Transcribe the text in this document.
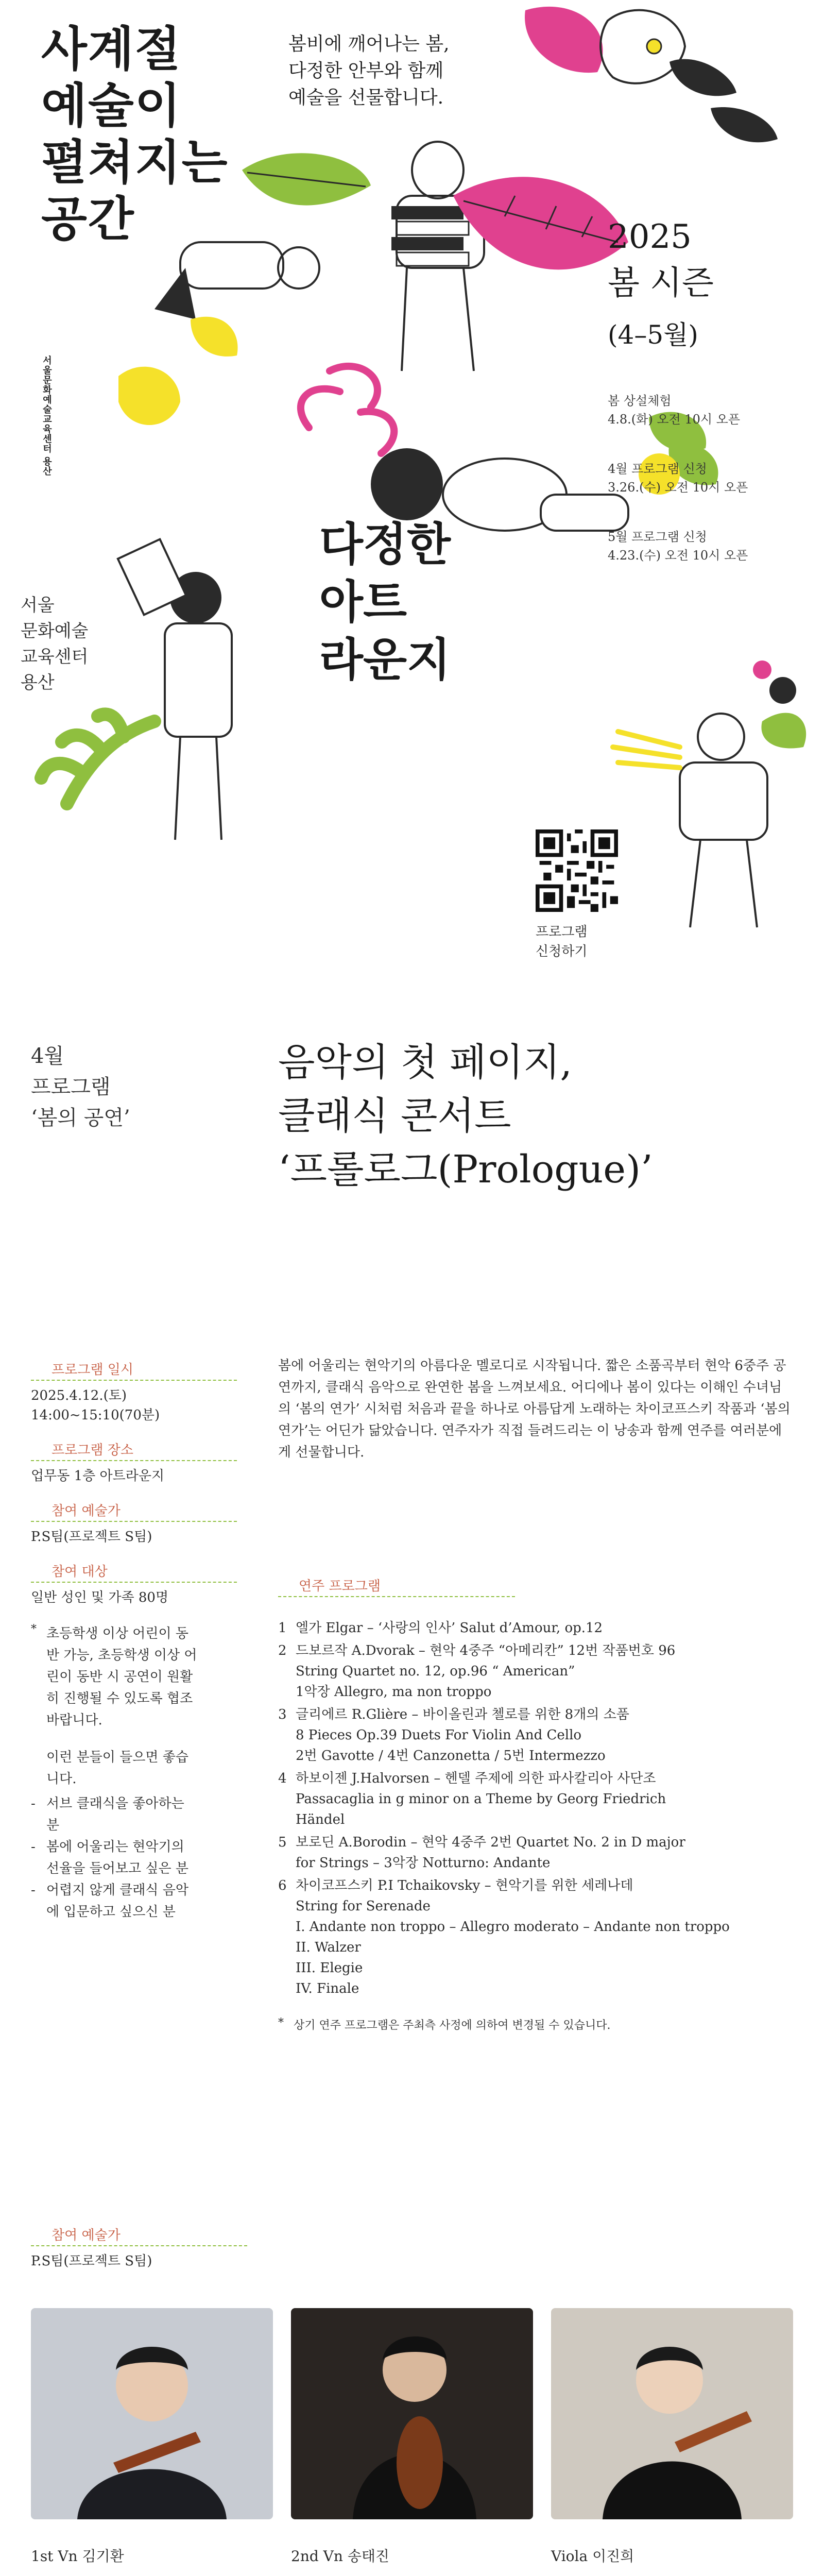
사계절
예술이
펼쳐지는
공간
봄비에 깨어나는 봄,
다정한 안부와 함께
예술을 선물합니다.
서울문화예술교육센터 용산
2025
봄 시즌
(4–5월)
봄 상설체험
4.8.(화) 오전 10시 오픈
4월 프로그램 신청
3.26.(수) 오전 10시 오픈
5월 프로그램 신청
4.23.(수) 오전 10시 오픈
서울
문화예술
교육센터
용산
다정한
아트
라운지
프로그램
신청하기
4월
프로그램
‘봄의 공연’
음악의 첫 페이지,
클래식 콘서트
‘프롤로그(Prologue)’
프로그램 일시
2025.4.12.(토)
14:00~15:10(70분)
프로그램 장소
업무동 1층 아트라운지
참여 예술가
P.S팀(프로젝트 S팀)
참여 대상
일반 성인 및 가족 80명
* 초등학생 이상 어린이 동반 가능, 초등학생 이상 어린이 동반 시 공연이 원활히 진행될 수 있도록 협조바랍니다.
이런 분들이 들으면 좋습니다.
- 서브 클래식을 좋아하는 분
- 봄에 어울리는 현악기의 선율을 들어보고 싶은 분
- 어렵지 않게 클래식 음악에 입문하고 싶으신 분
봄에 어울리는 현악기의 아름다운 멜로디로 시작됩니다. 짧은 소품곡부터 현악 6중주 공연까지, 클래식 음악으로 완연한 봄을 느껴보세요. 어디에나 봄이 있다는 이해인 수녀님의 ‘봄의 연가’ 시처럼 처음과 끝을 하나로 아름답게 노래하는 차이코프스키 작품과 ‘봄의 연가’는 어딘가 닮았습니다. 연주자가 직접 들려드리는 이 낭송과 함께 연주를 여러분에게 선물합니다.
연주 프로그램
1 엘가 Elgar – ‘사랑의 인사’ Salut d’Amour, op.12
2 드보르작 A.Dvorak – 현악 4중주 “아메리칸” 12번 작품번호 96
String Quartet no. 12, op.96 “ American”
1악장 Allegro, ma non troppo
3 글리에르 R.Glière – 바이올린과 첼로를 위한 8개의 소품
8 Pieces Op.39 Duets For Violin And Cello
2번 Gavotte / 4번 Canzonetta / 5번 Intermezzo
4 하보이젠 J.Halvorsen – 헨델 주제에 의한 파사칼리아 사단조
Passacaglia in g minor on a Theme by Georg Friedrich
Händel
5 보로딘 A.Borodin – 현악 4중주 2번 Quartet No. 2 in D major
for Strings – 3악장 Notturno: Andante
6 차이코프스키 P.I Tchaikovsky – 현악기를 위한 세레나데
String for Serenade
I. Andante non troppo – Allegro moderato – Andante non troppo
II. Walzer
III. Elegie
IV. Finale
* 상기 연주 프로그램은 주최측 사정에 의하여 변경될 수 있습니다.
참여 예술가
P.S팀(프로젝트 S팀)
1st Vn 김기환	2nd Vn 송태진	Viola 이진희
